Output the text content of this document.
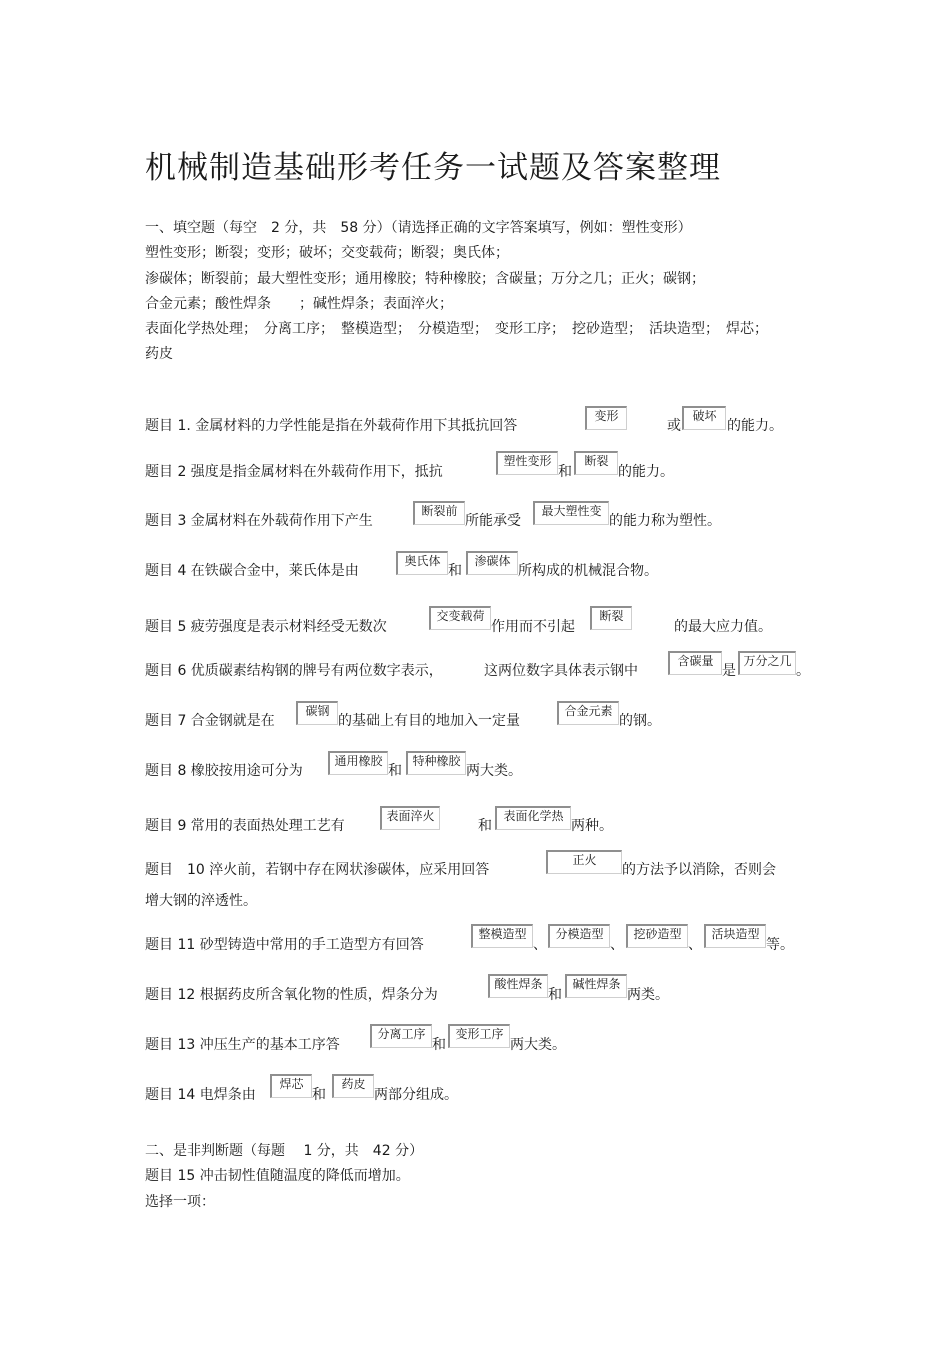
机械制造基础形考任务一试题及答案整理
一、填空题（每空　2 分，共　58 分）（请选择正确的文字答案填写，例如：塑性变形）
塑性变形；断裂；变形；破坏；交变载荷；断裂；奥氏体；
渗碳体；断裂前；最大塑性变形；通用橡胶；特种橡胶；含碳量；万分之几；正火；碳钢；
合金元素；酸性焊条　　；碱性焊条；表面淬火；
表面化学热处理；　分离工序；　整模造型；　分模造型；　变形工序；　挖砂造型；　活块造型；　焊芯；
药皮
题目 1. 金属材料的力学性能是指在外载荷作用下其抵抗回答
变形
或
破坏
的能力。
题目 2 强度是指金属材料在外载荷作用下，抵抗
塑性变形
和
断裂
的能力。
题目 3 金属材料在外载荷作用下产生
断裂前
所能承受
最大塑性变
的能力称为塑性。
题目 4 在铁碳合金中，莱氏体是由
奥氏体
和
渗碳体
所构成的机械混合物。
题目 5 疲劳强度是表示材料经受无数次
交变载荷
作用而不引起
断裂
的最大应力值。
题目 6 优质碳素结构钢的牌号有两位数字表示，	这两位数字具体表示钢中
含碳量
是
万分之几
。
题目 7 合金钢就是在
碳钢
的基础上有目的地加入一定量
合金元素
的钢。
题目 8 橡胶按用途可分为
通用橡胶
和
特种橡胶
两大类。
题目 9 常用的表面热处理工艺有
表面淬火
和
表面化学热
两种。
题目　10 淬火前，若钢中存在网状渗碳体，应采用回答
正火
的方法予以消除，否则会
增大钢的淬透性。
题目 11 砂型铸造中常用的手工造型方有回答
整模造型
、
分模造型
、
挖砂造型
、
活块造型
等。
题目 12 根据药皮所含氧化物的性质，焊条分为
酸性焊条
和
碱性焊条
两类。
题目 13 冲压生产的基本工序答
分离工序
和
变形工序
两大类。
题目 14 电焊条由
焊芯
和
药皮
两部分组成。
二、是非判断题（每题　 1 分，共　42 分）
题目 15 冲击韧性值随温度的降低而增加。
选择一项：
